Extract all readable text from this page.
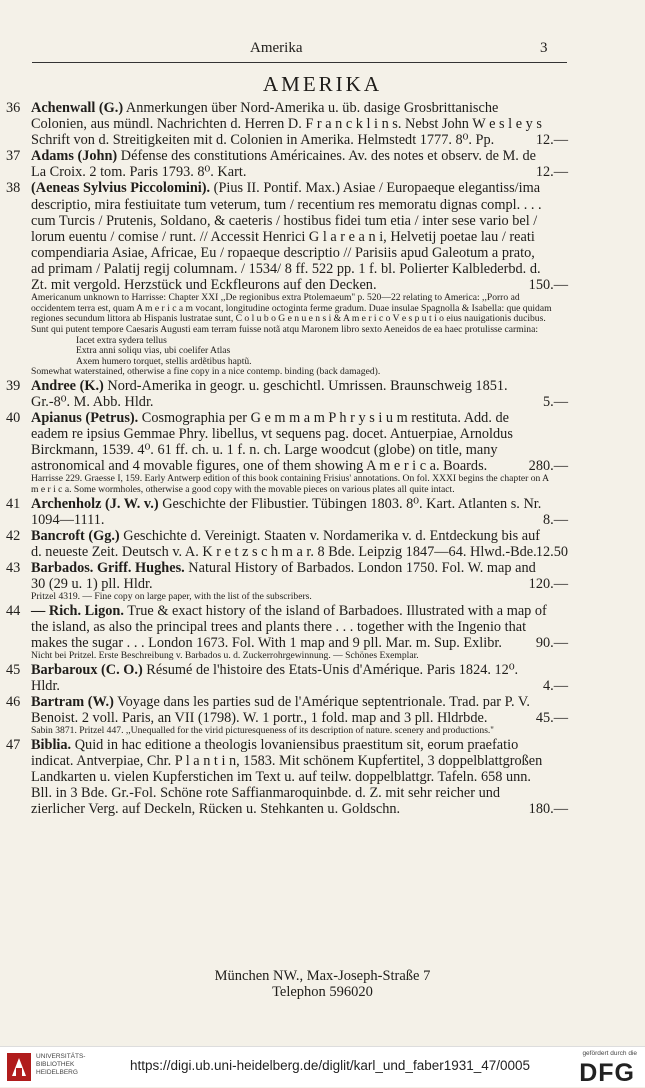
Amerika	3
AMERIKA
36 Achenwall (G.) Anmerkungen über Nord-Amerika u. üb. dasige Grosbrittanische Colonien, aus mündl. Nachrichten d. Herren D. F r a n c k l i n s. Nebst John W e s l e y s Schrift von d. Streitigkeiten mit d. Colonien in Amerika. Helmstedt 1777. 8⁰. Pp.	12.—
37 Adams (John) Défense des constitutions Américaines. Av. des notes et observ. de M. de La Croix. 2 tom. Paris 1793. 8⁰. Kart.	12.—
38 (Aeneas Sylvius Piccolomini). (Pius II. Pontif. Max.) Asiae / Europaeque elegantiss/ima descriptio, mira festiuitate tum veterum, tum / recentium res memoratu dignas compl. . . . cum Turcis / Prutenis, Soldano, & caeteris / hostibus fidei tum etia / inter sese vario bel / lorum euentu / comise / runt. // Accessit Henrici G l a r e a n i, Helvetij poetae lau / reati compendiaria Asiae, Africae, Eu / ropaeque descriptio // Parisiis apud Galeotum a prato, ad primam / Palatij regij columnam. / 1534/ 8 ff. 522 pp. 1 f. bl. Polierter Kalblederbd. d. Zt. mit vergold. Herzstück und Eckfleurons auf den Decken.	150.—
Americanum unknown to Harrisse: Chapter XXI ,,De regionibus extra Ptolemaeum'' p. 520—22 relating to America: ,,Porro ad occidentem terra est, quam A m e r i c a m vocant, longitudine octoginta ferme gradum. Duae insulae Spagnolla & Isabella: que quidam regiones secundum littora ab Hispanis lustratae sunt, C o l u b o G e n u e n s i & A m e r i c o V e s p u t i o eius nauigationis ducibus. Sunt qui putent tempore Caesaris Augusti eam terram fuisse notã atqu Maronem libro sexto Aeneidos de ea haec protulisse carmina:
Iacet extra sydera tellus
Extra anni soliqu vias, ubi coelifer Atlas
Axem humero torquet, stellis ardẽtibus haptũ.
Somewhat waterstained, otherwise a fine copy in a nice contemp. binding (back damaged).
39 Andree (K.) Nord-Amerika in geogr. u. geschichtl. Umrissen. Braunschweig 1851. Gr.-8⁰. M. Abb. Hldr.	5.—
40 Apianus (Petrus). Cosmographia per G e m m a m P h r y s i u m restituta. Add. de eadem re ipsius Gemmae Phry. libellus, vt sequens pag. docet. Antuerpiae, Arnoldus Birckmann, 1539. 4⁰. 61 ff. ch. u. 1 f. n. ch. Large woodcut (globe) on title, many astronomical and 4 movable figures, one of them showing A m e r i c a. Boards.	280.—
Harrisse 229. Graesse I, 159. Early Antwerp edition of this book containing Frisius' annotations. On fol. XXXI begins the chapter on A m e r i c a. Some wormholes, otherwise a good copy with the movable pieces on various plates all quite intact.
41 Archenholz (J. W. v.) Geschichte der Flibustier. Tübingen 1803. 8⁰. Kart. Atlanten s. Nr. 1094—1111.	8.—
42 Bancroft (Gg.) Geschichte d. Vereinigt. Staaten v. Nordamerika v. d. Entdeckung bis auf d. neueste Zeit. Deutsch v. A. K r e t z s c h m a r. 8 Bde. Leipzig 1847—64. Hlwd.-Bde. 12.50
43 Barbados. Griff. Hughes. Natural History of Barbados. London 1750. Fol. W. map and 30 (29 u. 1) pll. Hldr.	120.—
Pritzel 4319. — Fine copy on large paper, with the list of the subscribers.
44 — Rich. Ligon. True & exact history of the island of Barbadoes. Illustrated with a map of the island, as also the principal trees and plants there . . . together with the Ingenio that makes the sugar . . . London 1673. Fol. With 1 map and 9 pll. Mar. m. Sup. Exlibr.	90.—
Nicht bei Pritzel. Erste Beschreibung v. Barbados u. d. Zuckerrohrgewinnung. — Schönes Exemplar.
45 Barbaroux (C. O.) Résumé de l'histoire des Etats-Unis d'Amérique. Paris 1824. 12⁰. Hldr.	4.—
46 Bartram (W.) Voyage dans les parties sud de l'Amérique septentrionale. Trad. par P. V. Benoist. 2 voll. Paris, an VII (1798). W. 1 portr., 1 fold. map and 3 pll. Hldrbde.	45.—
Sabin 3871. Pritzel 447. ,,Unequalled for the virid picturesqueness of its description of nature. scenery and productions.''
47 Biblia. Quid in hac editione a theologis lovaniensibus praestitum sit, eorum praefatio indicat. Antverpiae, Chr. P l a n t i n, 1583. Mit schönem Kupfertitel, 3 doppelblattgroßen Landkarten u. vielen Kupferstichen im Text u. auf teilw. doppelblattgr. Tafeln. 658 unn. Bll. in 3 Bde. Gr.-Fol. Schöne rote Saffianmaroquinbde. d. Z. mit sehr reicher und zierlicher Verg. auf Deckeln, Rücken u. Stehkanten u. Goldschn.	180.—
München NW., Max-Joseph-Straße 7
Telephon 596020
UNIVERSITÄTS-
BIBLIOTHEK
HEIDELBERG	https://digi.ub.uni-heidelberg.de/diglit/karl_und_faber1931_47/0005
gefördert durch die
DFG
